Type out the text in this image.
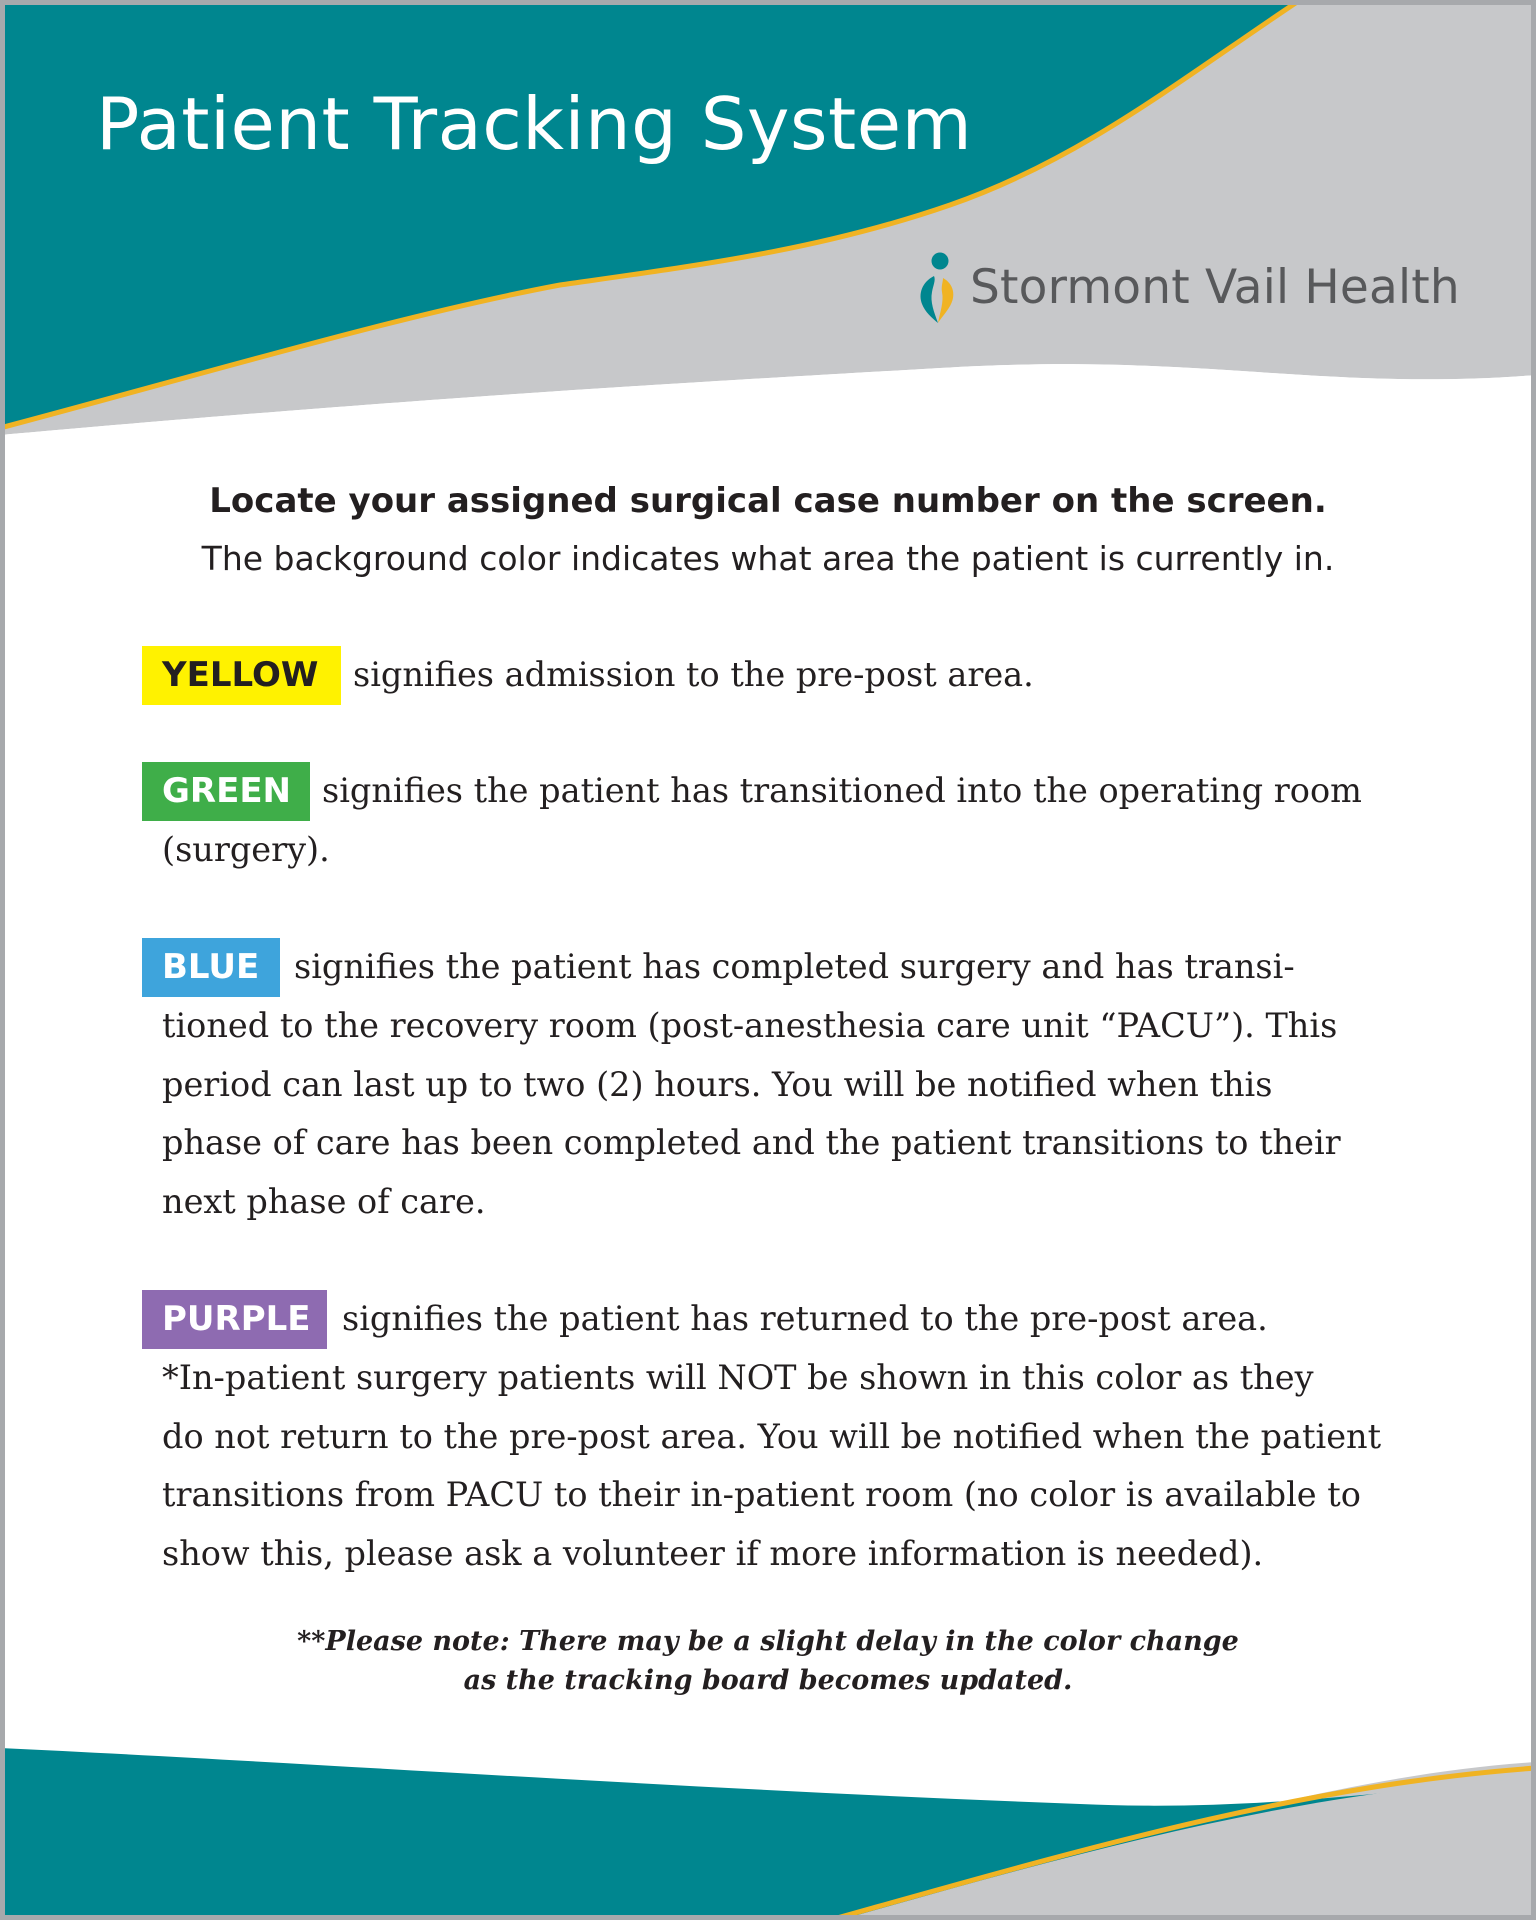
Patient Tracking System
Stormont Vail Health
Locate your assigned surgical case number on the screen.
The background color indicates what area the patient is currently in.
YELLOW	signifies admission to the pre-post area.
GREEN signifies the patient has transitioned into the operating room
(surgery).
BLUE	signifies the patient has completed surgery and has transi-
tioned to the recovery room (post-anesthesia care unit “PACU”). This
period can last up to two (2) hours. You will be notified when this
phase of care has been completed and the patient transitions to their
next phase of care.
PURPLE signifies the patient has returned to the pre-post area.
*In-patient surgery patients will NOT be shown in this color as they
do not return to the pre-post area. You will be notified when the patient
transitions from PACU to their in-patient room (no color is available to
show this, please ask a volunteer if more information is needed).
**Please note: There may be a slight delay in the color change
as the tracking board becomes updated.
